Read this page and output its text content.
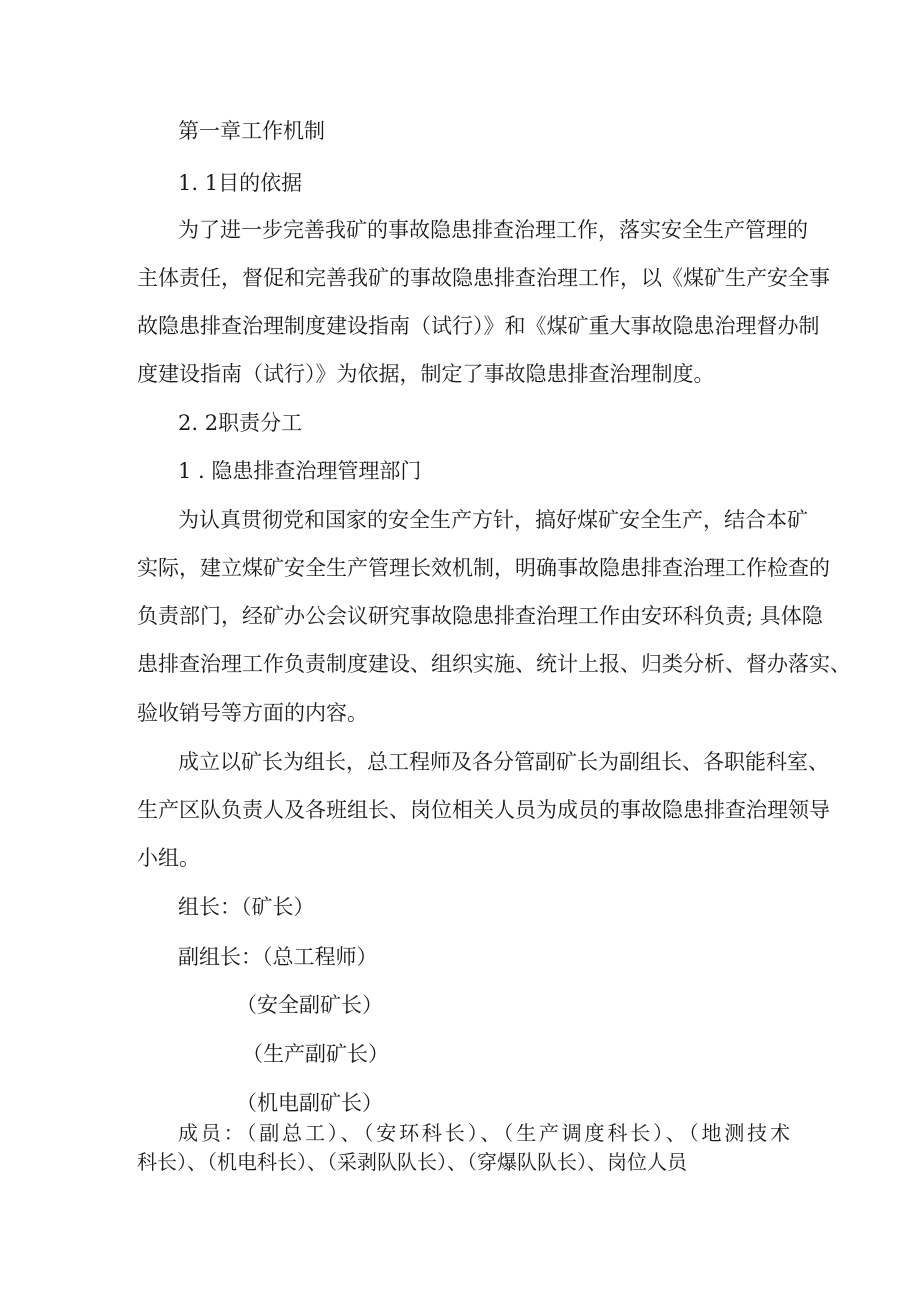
第一章工作机制
1. 1目的依据
为了进一步完善我矿的事故隐患排查治理工作，落实安全生产管理的
主体责任，督促和完善我矿的事故隐患排查治理工作，以《煤矿生产安全事
故隐患排查治理制度建设指南（试行）》和《煤矿重大事故隐患治理督办制
度建设指南（试行）》为依据，制定了事故隐患排查治理制度。
2. 2职责分工
1 . 隐患排查治理管理部门
为认真贯彻党和国家的安全生产方针，搞好煤矿安全生产，结合本矿
实际，建立煤矿安全生产管理长效机制，明确事故隐患排查治理工作检查的
负责部门，经矿办公会议研究事故隐患排查治理工作由安环科负责; 具体隐
患排查治理工作负责制度建设、组织实施、统计上报、归类分析、督办落实、
验收销号等方面的内容。
成立以矿长为组长，总工程师及各分管副矿长为副组长、各职能科室、
生产区队负责人及各班组长、岗位相关人员为成员的事故隐患排查治理领导
小组。
组长：（矿长）
副组长：（总工程师）
（安全副矿长）
（生产副矿长）
（机电副矿长）
成员：（副总工）、（安环科长）、（生产调度科长）、（地测技术
科长）、（机电科长）、（采剥队队长）、（穿爆队队长）、岗位人员
